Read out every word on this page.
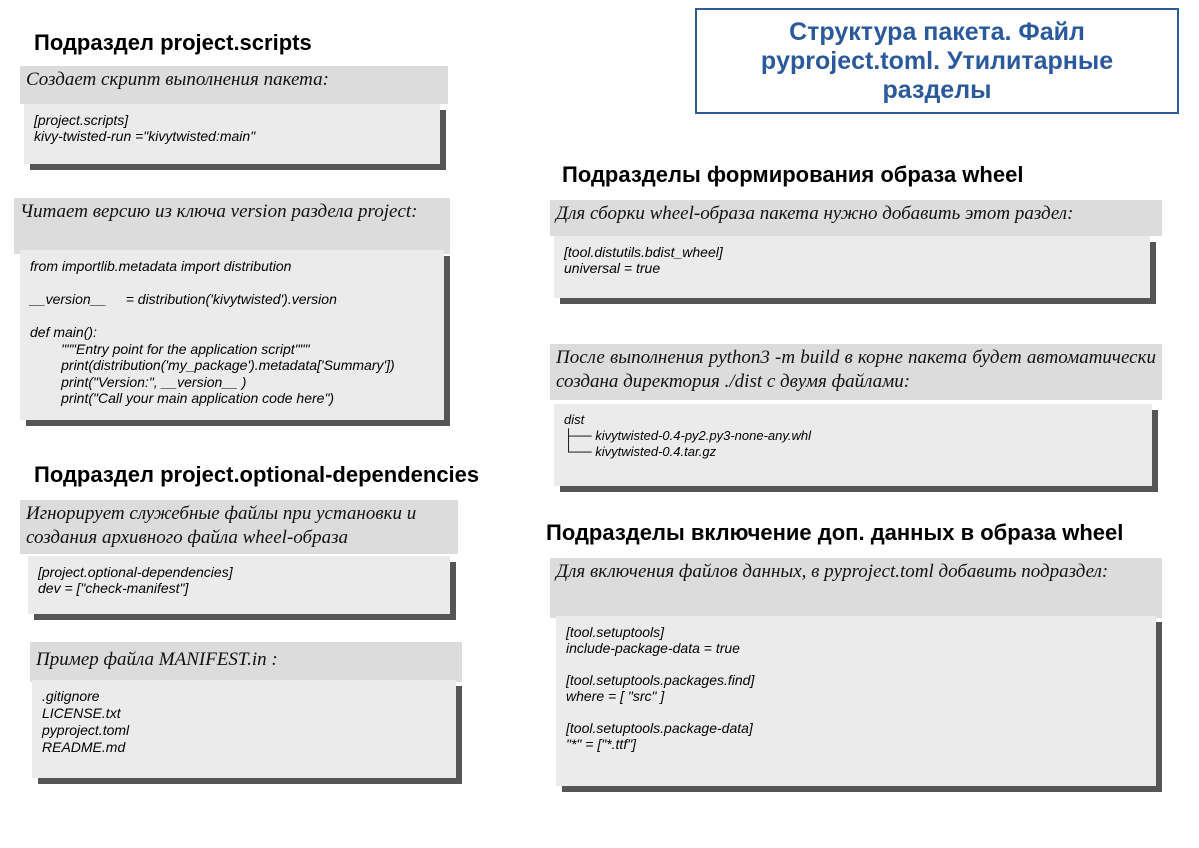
Структура пакета. Файл pyproject.toml. Утилитарные разделы
Подраздел project.scripts
Создает скрипт выполнения пакета:
[project.scripts]
kivy-twisted-run ="kivytwisted:main"
Читает версию из ключа version раздела project:
from importlib.metadata import distribution

__version__     = distribution('kivytwisted').version

def main():
"""Entry point for the application script"""
print(distribution('my_package').metadata['Summary'])
print("Version:", __version__ )
print("Call your main application code here")
Подраздел project.optional-dependencies
Игнорирует служебные файлы при установки и создания архивного файла wheel-образа
[project.optional-dependencies]
dev = ["check-manifest"]
Пример файла MANIFEST.in :
.gitignore
LICENSE.txt
pyproject.toml
README.md
Подразделы формирования образа wheel
Для сборки wheel-образа пакета нужно добавить этот раздел:
[tool.distutils.bdist_wheel]
universal = true
После выполнения python3 -m build в корне пакета будет автоматически создана директория ./dist с двумя файлами:
dist
├── kivytwisted-0.4-py2.py3-none-any.whl
└── kivytwisted-0.4.tar.gz
Подразделы включение доп. данных в образа wheel
Для включения файлов данных, в pyproject.toml добавить подраздел:
[tool.setuptools]
include-package-data = true

[tool.setuptools.packages.find]
where = [ "src" ]

[tool.setuptools.package-data]
"*" = ["*.ttf"]
